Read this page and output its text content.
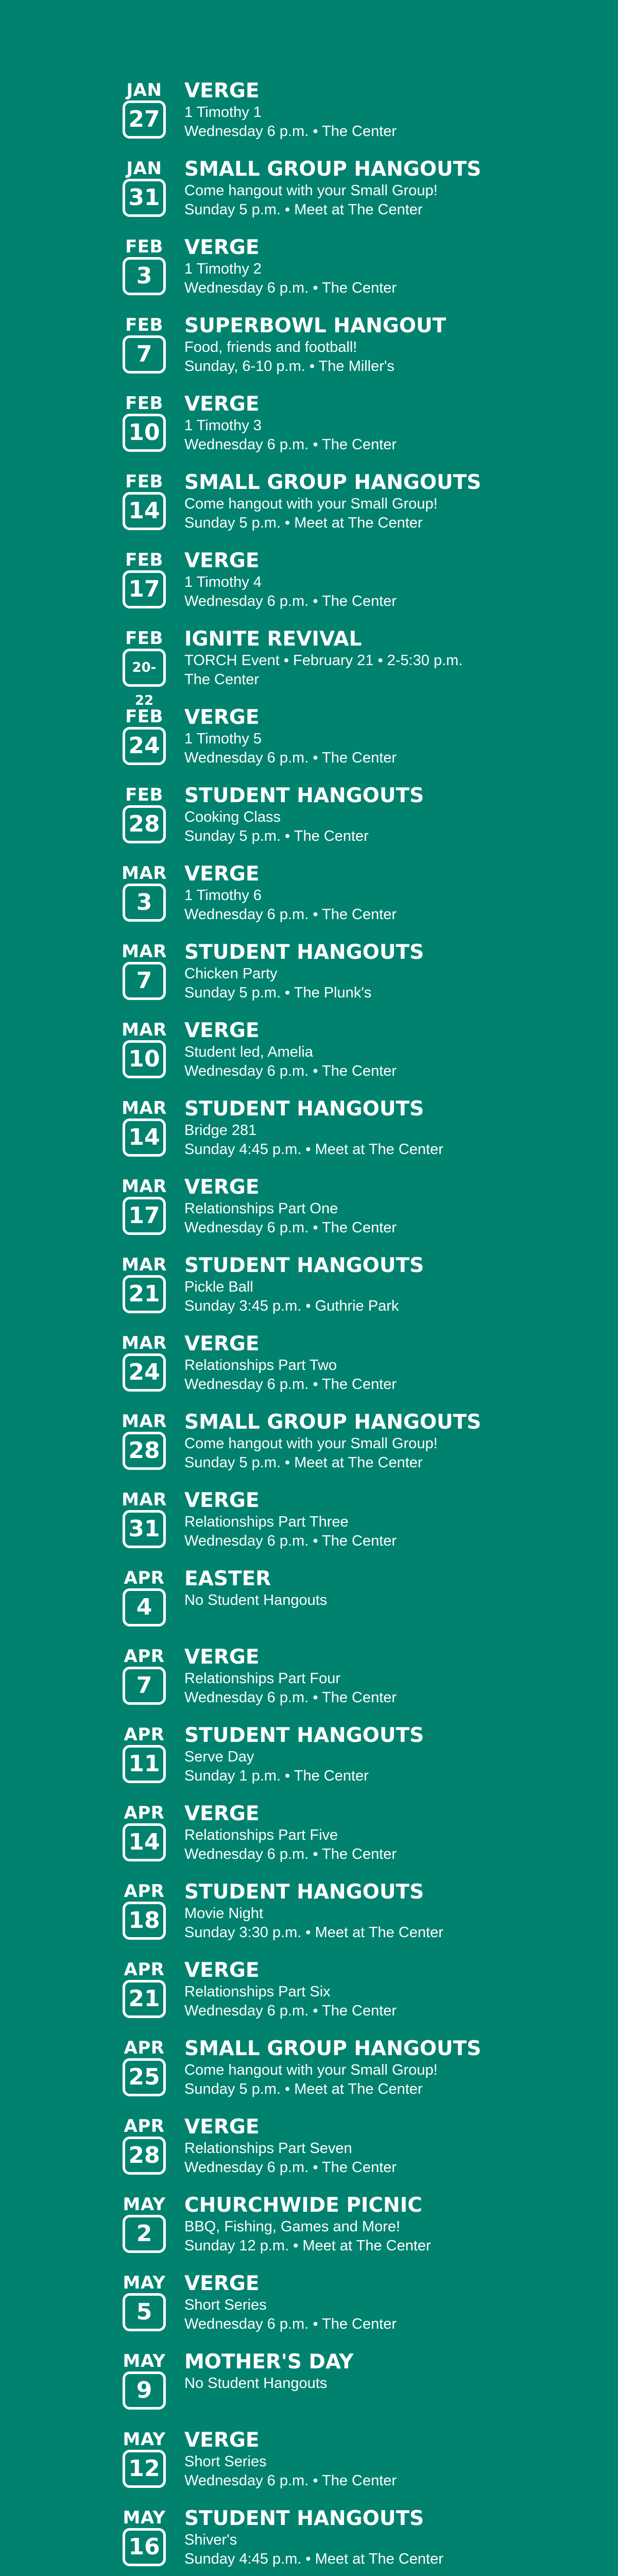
JAN
27
VERGE
1 Timothy 1
Wednesday 6 p.m. • The Center
JAN
31
SMALL GROUP HANGOUTS
Come hangout with your Small Group!
Sunday 5 p.m. • Meet at The Center
FEB
3
VERGE
1 Timothy 2
Wednesday 6 p.m. • The Center
FEB
7
SUPERBOWL HANGOUT
Food, friends and football!
Sunday, 6-10 p.m. • The Miller's
FEB
10
VERGE
1 Timothy 3
Wednesday 6 p.m. • The Center
FEB
14
SMALL GROUP HANGOUTS
Come hangout with your Small Group!
Sunday 5 p.m. • Meet at The Center
FEB
17
VERGE
1 Timothy 4
Wednesday 6 p.m. • The Center
FEB
20-22
IGNITE REVIVAL
TORCH Event • February 21 • 2-5:30 p.m.
The Center
FEB
24
VERGE
1 Timothy 5
Wednesday 6 p.m. • The Center
FEB
28
STUDENT HANGOUTS
Cooking Class
Sunday 5 p.m. • The Center
MAR
3
VERGE
1 Timothy 6
Wednesday 6 p.m. • The Center
MAR
7
STUDENT HANGOUTS
Chicken Party
Sunday 5 p.m. • The Plunk's
MAR
10
VERGE
Student led, Amelia
Wednesday 6 p.m. • The Center
MAR
14
STUDENT HANGOUTS
Bridge 281
Sunday 4:45 p.m. • Meet at The Center
MAR
17
VERGE
Relationships Part One
Wednesday 6 p.m. • The Center
MAR
21
STUDENT HANGOUTS
Pickle Ball
Sunday 3:45 p.m. • Guthrie Park
MAR
24
VERGE
Relationships Part Two
Wednesday 6 p.m. • The Center
MAR
28
SMALL GROUP HANGOUTS
Come hangout with your Small Group!
Sunday 5 p.m. • Meet at The Center
MAR
31
VERGE
Relationships Part Three
Wednesday 6 p.m. • The Center
APR
4
EASTER
No Student Hangouts
APR
7
VERGE
Relationships Part Four
Wednesday 6 p.m. • The Center
APR
11
STUDENT HANGOUTS
Serve Day
Sunday 1 p.m. • The Center
APR
14
VERGE
Relationships Part Five
Wednesday 6 p.m. • The Center
APR
18
STUDENT HANGOUTS
Movie Night
Sunday 3:30 p.m. • Meet at The Center
APR
21
VERGE
Relationships Part Six
Wednesday 6 p.m. • The Center
APR
25
SMALL GROUP HANGOUTS
Come hangout with your Small Group!
Sunday 5 p.m. • Meet at The Center
APR
28
VERGE
Relationships Part Seven
Wednesday 6 p.m. • The Center
MAY
2
CHURCHWIDE PICNIC
BBQ, Fishing, Games and More!
Sunday 12 p.m. • Meet at The Center
MAY
5
VERGE
Short Series
Wednesday 6 p.m. • The Center
MAY
9
MOTHER'S DAY
No Student Hangouts
MAY
12
VERGE
Short Series
Wednesday 6 p.m. • The Center
MAY
16
STUDENT HANGOUTS
Shiver's
Sunday 4:45 p.m. • Meet at The Center
